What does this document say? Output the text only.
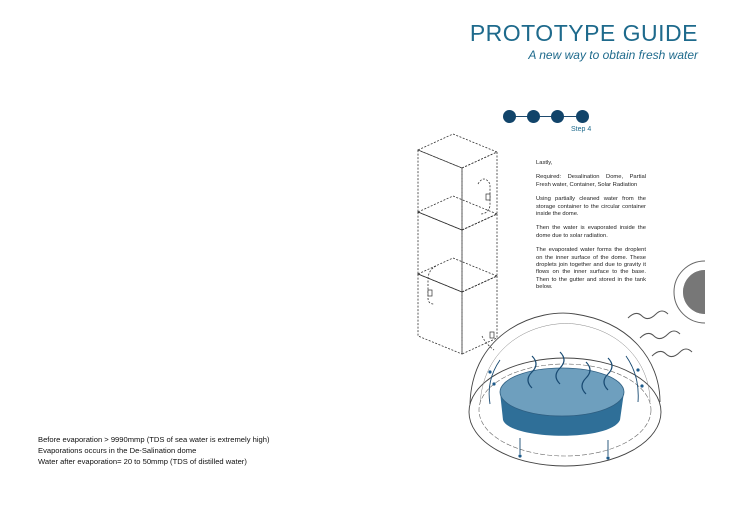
PROTOTYPE GUIDE
A new way to obtain fresh water
Step 4

Lastly,

Required: Desalination Dome, Partial Fresh water, Container, Solar Radiation

Using partially cleaned water from the storage container to the circular container inside the dome.

Then the water is evaporated inside the dome due to solar radiation.

The evaporated water forms the droplent on the inner surface of the dome. These droplets join together and due to gravity it flows on the inner surface to the base. Then to the gutter and stored in the tank below.

Before evaporation > 9990mmp (TDS of sea water is extremely high)
Evaporations occurs in the De-Salination dome
Water after evaporation= 20 to 50mmp (TDS of distilled water)
